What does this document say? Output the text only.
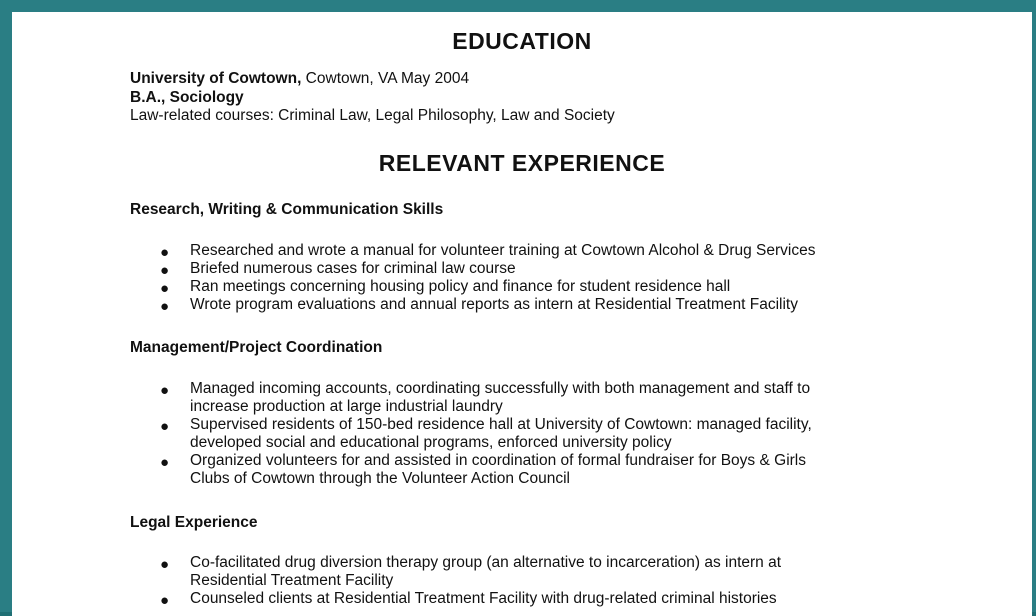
EDUCATION
University of Cowtown, Cowtown, VA May 2004
B.A., Sociology
Law-related courses: Criminal Law, Legal Philosophy, Law and Society
RELEVANT EXPERIENCE
Research, Writing & Communication Skills
● Researched and wrote a manual for volunteer training at Cowtown Alcohol & Drug Services
● Briefed numerous cases for criminal law course
● Ran meetings concerning housing policy and finance for student residence hall
● Wrote program evaluations and annual reports as intern at Residential Treatment Facility
Management/Project Coordination
● Managed incoming accounts, coordinating successfully with both management and staff to
increase production at large industrial laundry
● Supervised residents of 150-bed residence hall at University of Cowtown: managed facility,
developed social and educational programs, enforced university policy
● Organized volunteers for and assisted in coordination of formal fundraiser for Boys & Girls
Clubs of Cowtown through the Volunteer Action Council
Legal Experience
● Co-facilitated drug diversion therapy group (an alternative to incarceration) as intern at
Residential Treatment Facility
● Counseled clients at Residential Treatment Facility with drug-related criminal histories
